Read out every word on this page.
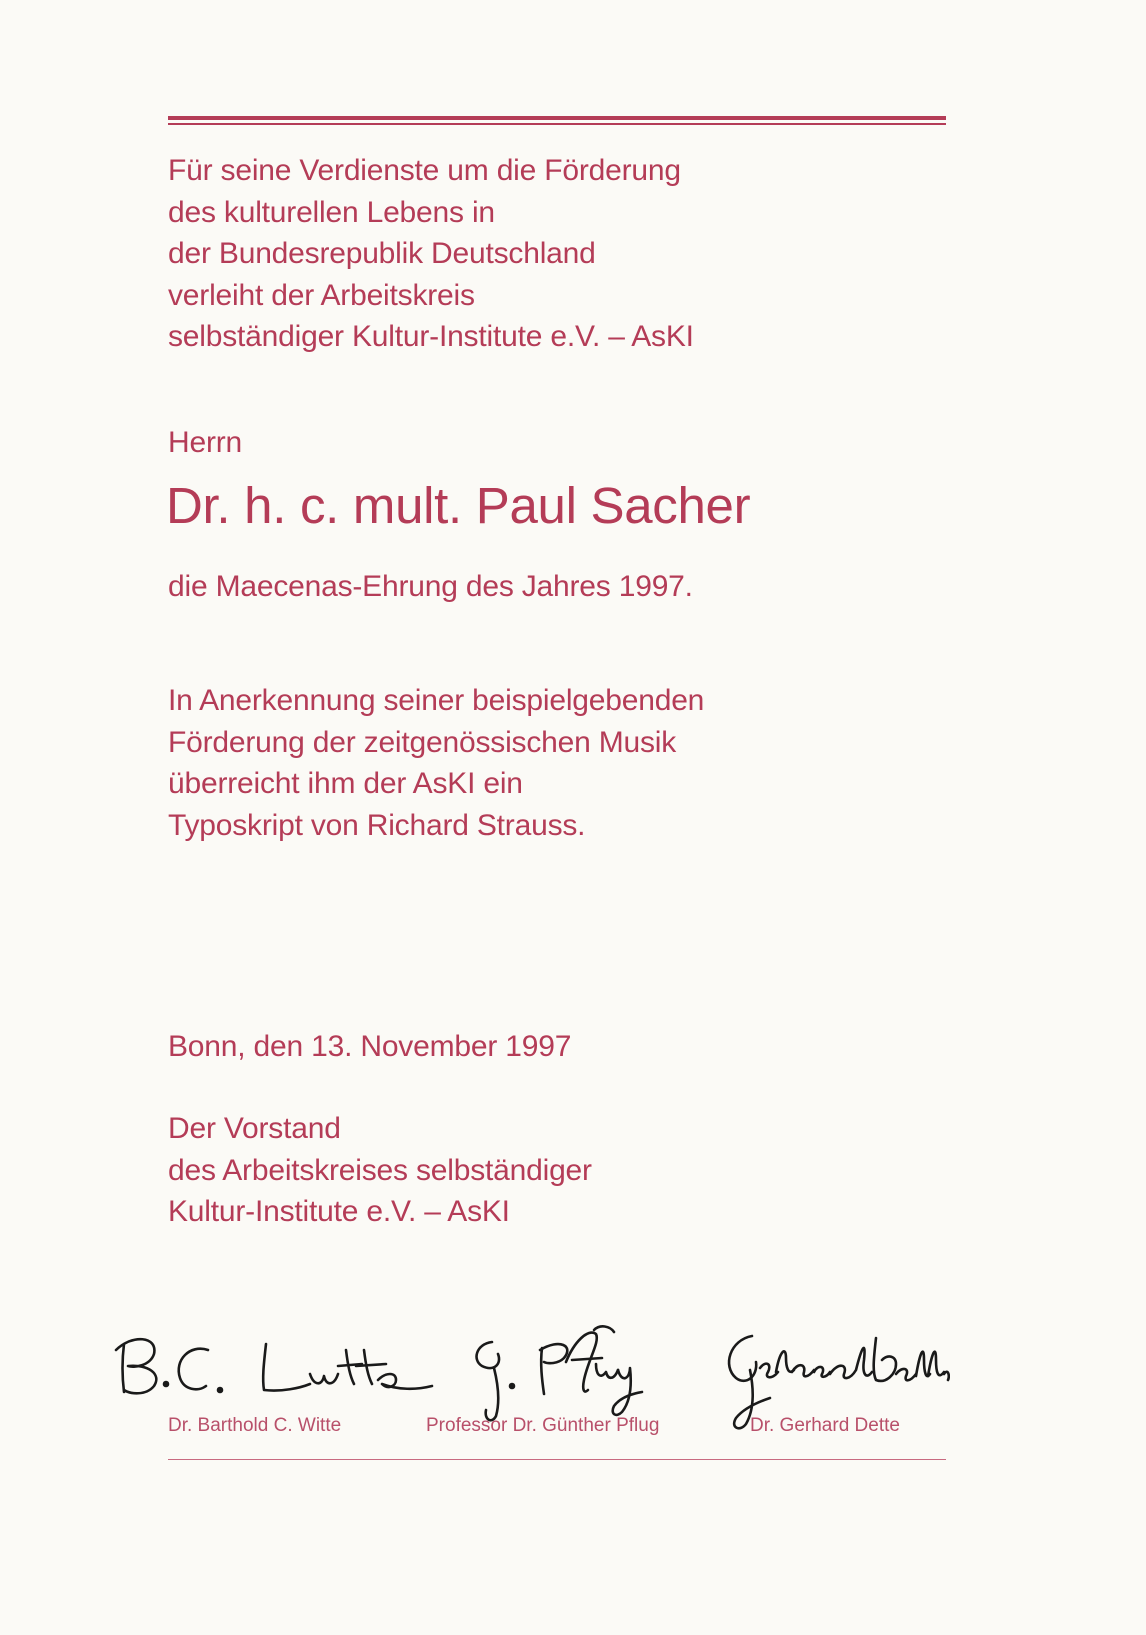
Für seine Verdienste um die Förderung
des kulturellen Lebens in
der Bundesrepublik Deutschland
verleiht der Arbeitskreis
selbständiger Kultur-Institute e.V. – AsKI

Herrn

Dr. h. c. mult. Paul Sacher

die Maecenas-Ehrung des Jahres 1997.

In Anerkennung seiner beispielgebenden
Förderung der zeitgenössischen Musik
überreicht ihm der AsKI ein
Typoskript von Richard Strauss.

Bonn, den 13. November 1997

Der Vorstand
des Arbeitskreises selbständiger
Kultur-Institute e.V. – AsKI

Dr. Barthold C. Witte	Professor Dr. Günther Pflug	Dr. Gerhard Dette
